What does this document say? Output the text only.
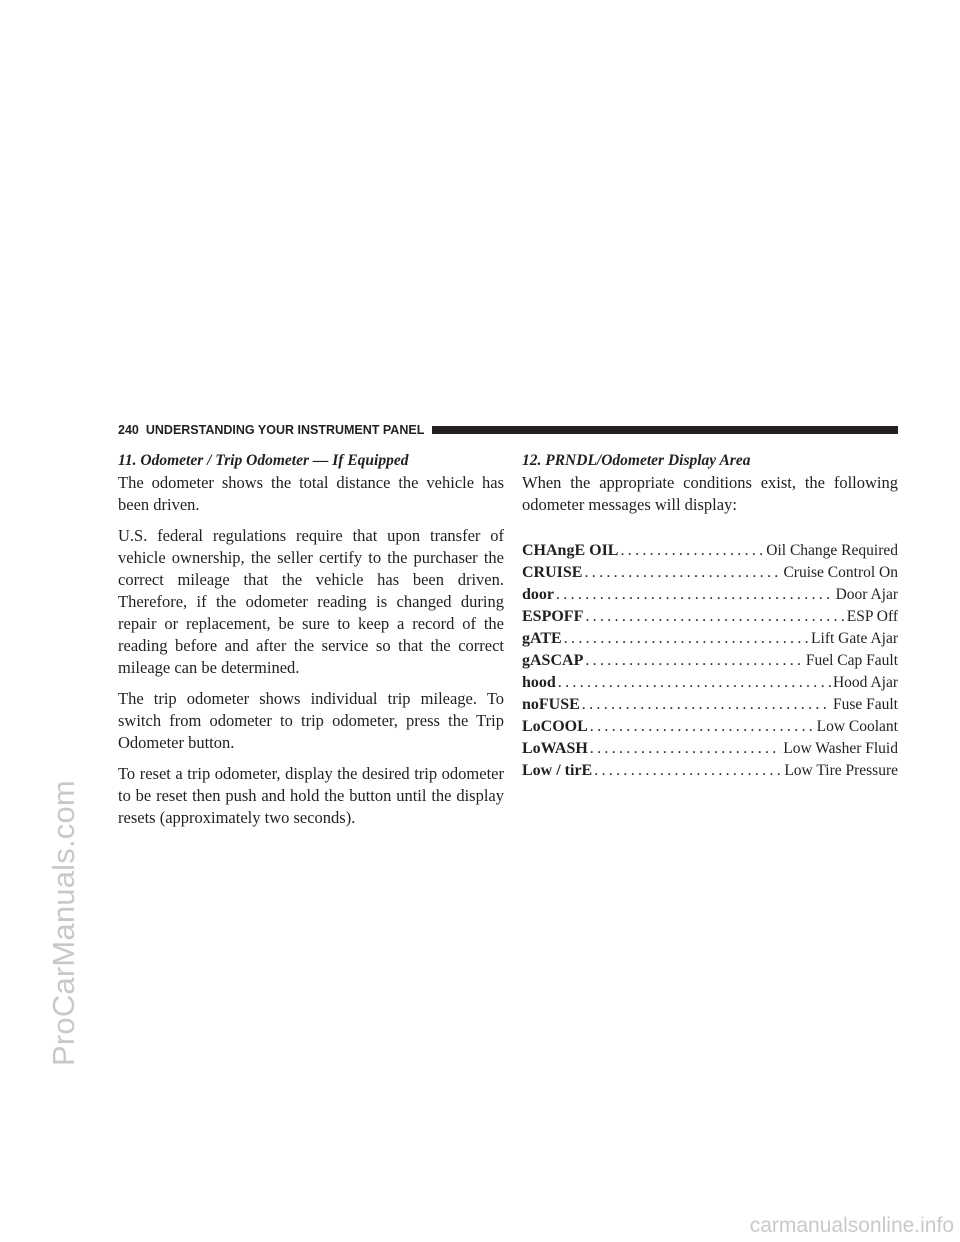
ProCarManuals.com
240 UNDERSTANDING YOUR INSTRUMENT PANEL

11. Odometer / Trip Odometer — If Equipped

The odometer shows the total distance the vehicle has been driven.

U.S. federal regulations require that upon transfer of vehicle ownership, the seller certify to the purchaser the correct mileage that the vehicle has been driven. Therefore, if the odometer reading is changed during repair or replacement, be sure to keep a record of the reading before and after the service so that the correct mileage can be determined.

The trip odometer shows individual trip mileage. To switch from odometer to trip odometer, press the Trip Odometer button.

To reset a trip odometer, display the desired trip odometer to be reset then push and hold the button until the display resets (approximately two seconds).

12. PRNDL/Odometer Display Area

When the appropriate conditions exist, the following odometer messages will display:

CHAngE OIL .....	Oil Change Required
CRUISE .....	Cruise Control On
door .....	Door Ajar
ESPOFF .....	ESP Off
gATE .....	Lift Gate Ajar
gASCAP .....	Fuel Cap Fault
hood .....	Hood Ajar
noFUSE .....	Fuse Fault
LoCOOL .....	Low Coolant
LoWASH .....	Low Washer Fluid
Low / tirE .....	Low Tire Pressure
carmanualsonline.info
